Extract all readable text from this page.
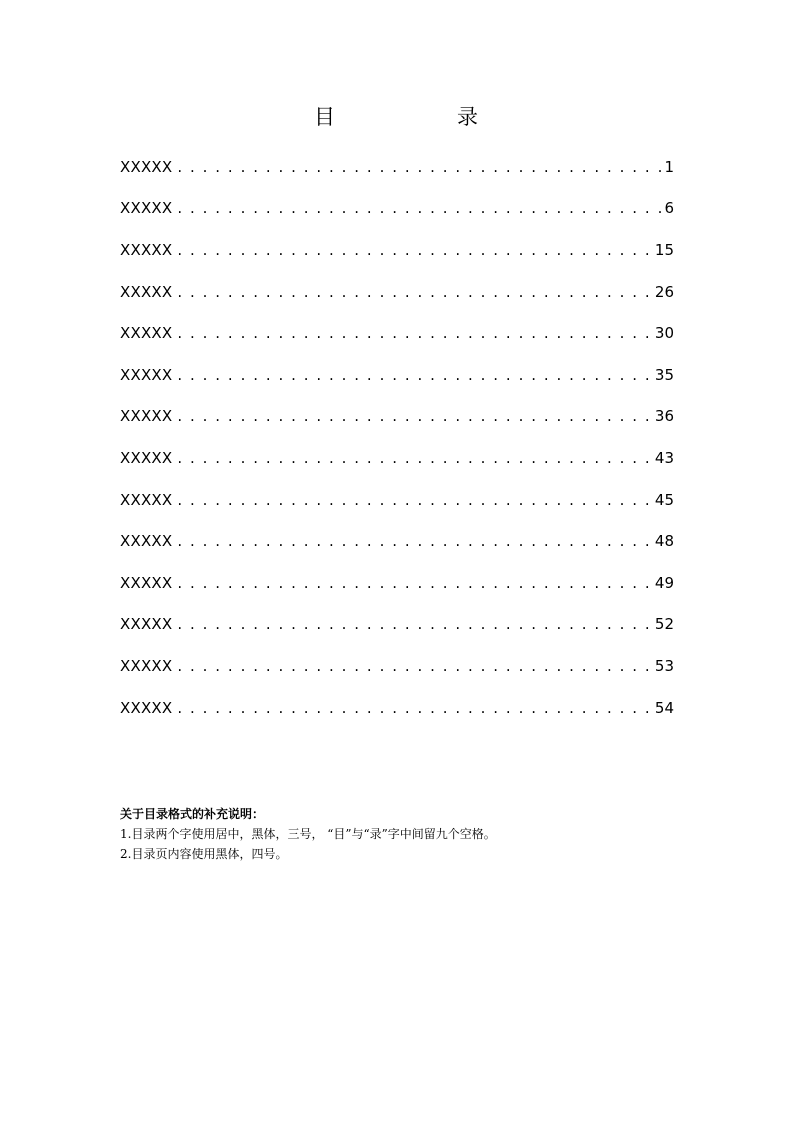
目	录
XXXXX . . .	1
XXXXX . . .	6
XXXXX . . .	15
XXXXX . . .	26
XXXXX . . .	30
XXXXX . . .	35
XXXXX . . .	36
XXXXX . . .	43
XXXXX . . .	45
XXXXX . . .	48
XXXXX . . .	49
XXXXX . . .	52
XXXXX . . .	53
XXXXX . . .	54
关于目录格式的补充说明：
1.目录两个字使用居中，黑体，三号， “目”与“录”字中间留九个空格。
2.目录页内容使用黑体，四号。
